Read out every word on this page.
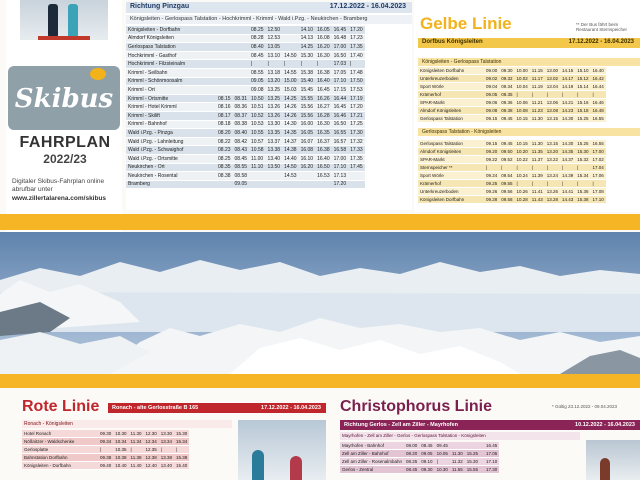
Skibus
FAHRPLAN
2022/23
Digitaler Skibus-Fahrplan online abrufbar unter
www.zillertalarena.com/skibus
Richtung Pinzgau	17.12.2022 - 16.04.2023
Königsleiten - Gerlospass Talstation - Hochkrimml - Krimml - Wald i.Pzg. - Neukirchen - Bramberg
Königsleiten - Dorfbahn			08.25	12.50		14.10	16.05	16.45	17.20
Almdorf Königsleiten			08.28	12.53		14.13	16.08	16.48	17.23
Gerlospass Talstation			08.40	13.05		14.25	16.20	17.00	17.35
Hochkrimml - Gasthof			08.45	13.10	14.50	15.30	16.30	16.50	17.40
Hochkrimml - Filzsteinalm			|	|	|	|	|	17.03	|
Krimml - Seilbahn			08.55	13.18	14.55	15.38	16.38	17.05	17.48
Krimml - Schönmoosalm			09.05	13.20	15.00	15.40	16.40	17.10	17.50
Krimml - Ort			09.08	13.25	15.03	15.45	16.45	17.15	17.53
Krimml - Ortsmitte	08.15	08.31	10.50	13.25	14.25	15.55	16.26	16.44	17.19
Krimml - Hotel Krimml	08.16	08.36	10.51	13.26	14.26	15.56	16.27	16.45	17.20
Krimml - Skilift	08.17	08.37	10.52	13.26	14.26	15.56	16.28	16.46	17.21
Krimml - Bahnhof	08.18	08.38	10.53	13.30	14.30	16.00	16.30	16.50	17.25
Wald i.Pzg. - Pinzga	08.20	08.40	10.55	13.35	14.35	16.05	16.35	16.55	17.30
Wald i.Pzg. - Lahnleitung	08.22	08.42	10.57	13.37	14.37	16.07	16.37	16.57	17.32
Wald i.Pzg. - Schwaighof	08.23	08.43	10.58	13.38	14.38	16.08	16.38	16.58	17.33
Wald i.Pzg. - Ortsmitte	08.25	08.45	11.00	13.40	14.40	16.10	16.40	17.00	17.35
Neukirchen - Ort	08.35	08.55	11.10	13.50	14.50	16.20	16.50	17.10	17.45
Neukirchen - Rosental	08.38	08.58			14.53		16.53	17.13	
Bramberg		09.05						17.20	
Gelbe Linie	** Der Bus fährt beim Restaurant Sternspeicher
Dorfbus Königsleiten	17.12.2022 - 16.04.2023
Königsleiten - Gerlospass Talstation
Königsleiten Dorfbahn	09.00	09.30	10.00	11.15	13.00	14.15	15.10	16.40
Unterkreuzerboden	09.02	09.32	10.02	11.17	13.02	14.17	15.12	16.42
Sport Wörle	09.04	09.34	10.04	11.19	13.04	14.19	15.14	16.44
Krämerhof	09.05	09.35	|	|	|	|	|	|
SPAR-Markt	09.06	09.36	10.06	11.21	13.06	14.21	15.16	16.46
Almdorf Königsleiten	09.08	09.38	10.08	11.23	13.08	14.23	15.18	16.48
Gerlospass Talstation	09.15	09.45	10.15	11.30	13.15	14.30	15.25	16.55
Gerlospass Talstation - Königsleiten
Gerlospass Talstation	09.15	09.45	10.15	11.30	13.15	14.30	15.25	16.55
Almdorf Königsleiten	09.20	09.50	10.20	11.35	13.20	14.35	15.30	17.00
SPAR-Markt	09.22	09.52	10.22	11.37	13.22	14.37	15.32	17.02
Sternspeicher **	|	|	|	|	|	|	|	17.04
Sport Wörle	09.24	09.54	10.24	11.39	13.24	14.39	15.34	17.06
Krämerhof	09.25	09.55	|	|	|	|	|	|
Unterkreuzerboden	09.26	09.56	10.26	11.41	13.26	14.41	15.36	17.08
Königsleiten Dorfbahn	09.28	09.58	10.28	11.43	13.28	14.43	15.38	17.10
Rote Linie Ronach - alte Gerlosstraße B 165	17.12.2022 - 16.04.2023
Ronach - Königsleiten
Hotel Ronach	09.30	10.30	11.30	12.30	13.30	15.30
Nößnitzer - Waldschenke	09.34	10.34	11.34	12.34	13.34	15.34
Gerlosplatte	|	10.35	|	12.35	|	|
Bahnstation Dorfbahn	09.38	10.38	11.38	12.38	13.38	15.38
Königsleiten - Dorfbahn	09.40	10.40	11.40	12.40	13.40	15.40
Christophorus Linie	* Gültig 23.12.2022 - 09.04.2023
Richtung Gerlos - Zell am Ziller - Mayrhofen	10.12.2022 - 16.04.2023
Mayrhofen - Zell am Ziller - Gerlos - Gerlospass Talstation - Königsleiten
Mayrhofen - Bahnhof	08.00	08.45	09.45				16.45
Zell am Ziller - Bahnhof	08.20	09.05	10.05	11.30	15.25		17.05
Zell am Ziller - Rosenalmbahn	08.25	09.10	|	11.32	15.30		17.10
Gerlos - Zentral	08.45	09.30	10.30	11.55	15.55		17.30
